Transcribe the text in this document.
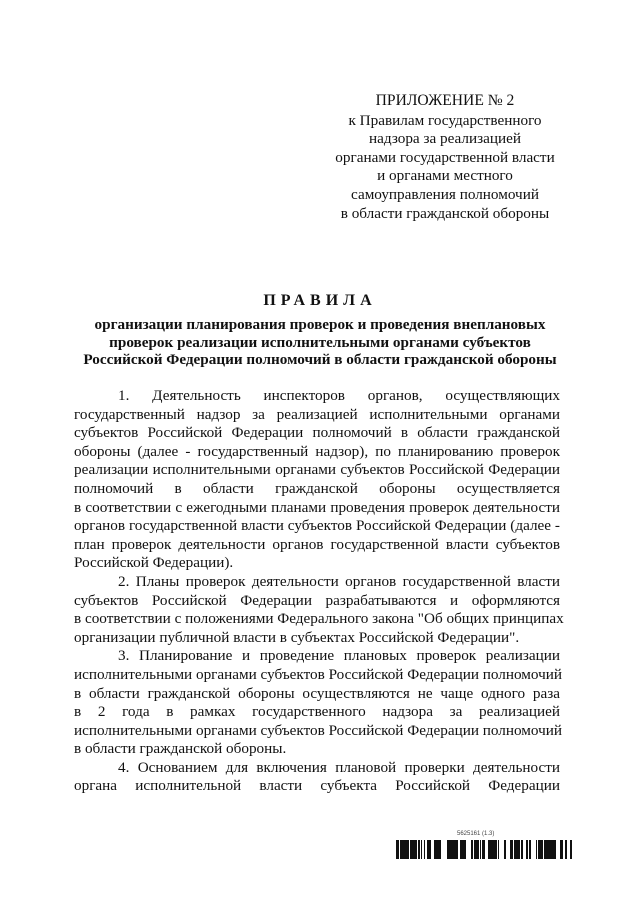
ПРИЛОЖЕНИЕ № 2
к Правилам государственного
надзора за реализацией
органами государственной власти
и органами местного
самоуправления полномочий
в области гражданской обороны
ПРАВИЛА
организации планирования проверок и проведения внеплановых
проверок реализации исполнительными органами субъектов
Российской Федерации полномочий в области гражданской обороны
1. Деятельность инспекторов органов, осуществляющих
государственный надзор за реализацией исполнительными органами
субъектов Российской Федерации полномочий в области гражданской
обороны (далее - государственный надзор), по планированию проверок
реализации исполнительными органами субъектов Российской Федерации
полномочий в области гражданской обороны осуществляется
в соответствии с ежегодными планами проведения проверок деятельности
органов государственной власти субъектов Российской Федерации (далее -
план проверок деятельности органов государственной власти субъектов
Российской Федерации).
2. Планы проверок деятельности органов государственной власти
субъектов Российской Федерации разрабатываются и оформляются
в соответствии с положениями Федерального закона "Об общих принципах
организации публичной власти в субъектах Российской Федерации".
3. Планирование и проведение плановых проверок реализации
исполнительными органами субъектов Российской Федерации полномочий
в области гражданской обороны осуществляются не чаще одного раза
в 2 года в рамках государственного надзора за реализацией
исполнительными органами субъектов Российской Федерации полномочий
в области гражданской обороны.
4. Основанием для включения плановой проверки деятельности
органа исполнительной власти субъекта Российской Федерации
5625161 (1.3)
